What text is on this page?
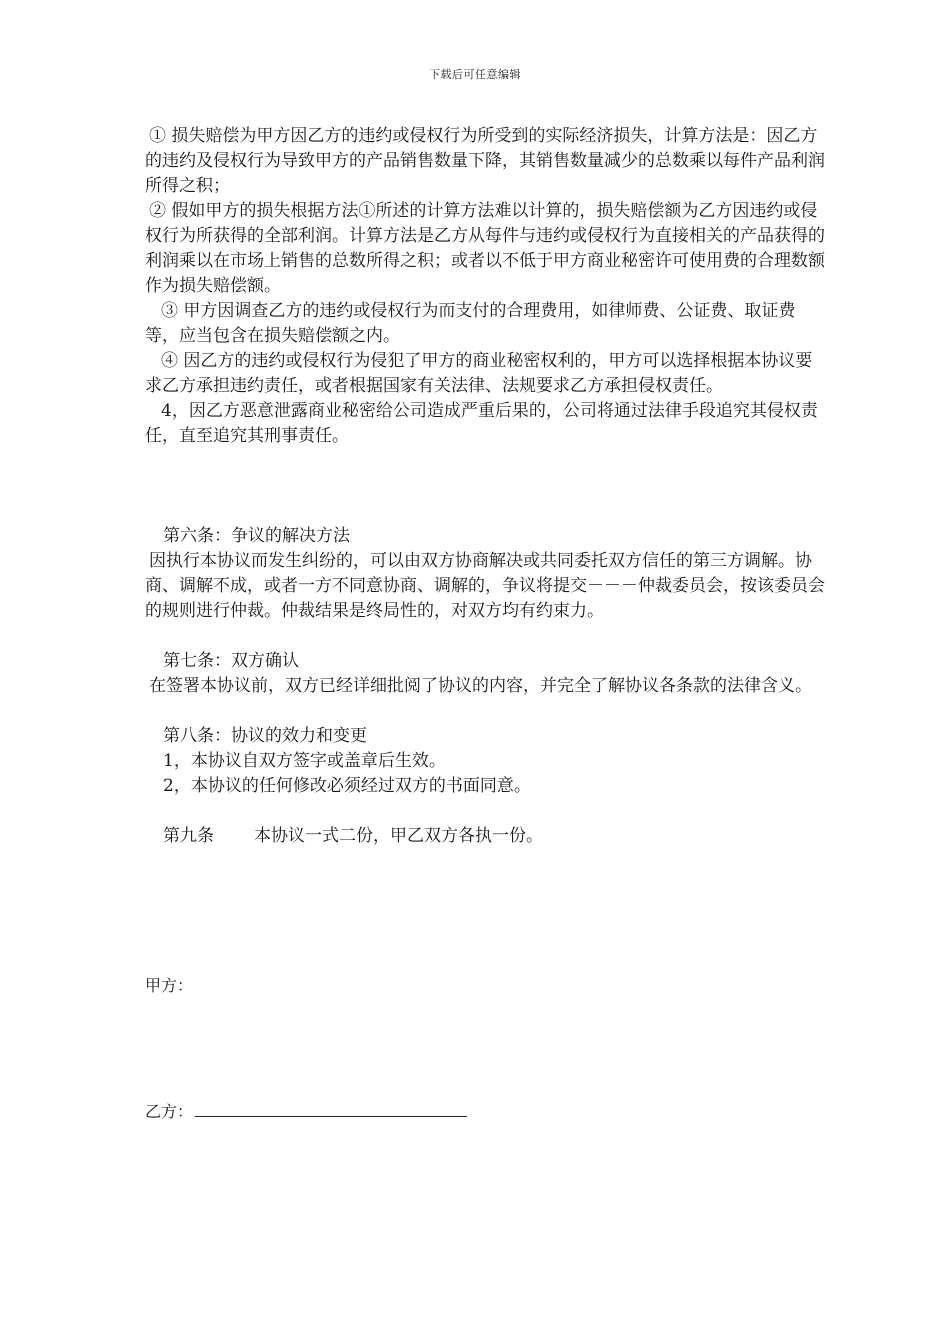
下载后可任意编辑

① 损失赔偿为甲方因乙方的违约或侵权行为所受到的实际经济损失，计算方法是：因乙方的违约及侵权行为导致甲方的产品销售数量下降，其销售数量减少的总数乘以每件产品利润所得之积；

② 假如甲方的损失根据方法①所述的计算方法难以计算的，损失赔偿额为乙方因违约或侵权行为所获得的全部利润。计算方法是乙方从每件与违约或侵权行为直接相关的产品获得的利润乘以在市场上销售的总数所得之积；或者以不低于甲方商业秘密许可使用费的合理数额作为损失赔偿额。

③ 甲方因调查乙方的违约或侵权行为而支付的合理费用，如律师费、公证费、取证费等，应当包含在损失赔偿额之内。

④ 因乙方的违约或侵权行为侵犯了甲方的商业秘密权利的，甲方可以选择根据本协议要求乙方承担违约责任，或者根据国家有关法律、法规要求乙方承担侵权责任。

4，因乙方恶意泄露商业秘密给公司造成严重后果的，公司将通过法律手段追究其侵权责任，直至追究其刑事责任。

第六条：争议的解决方法

因执行本协议而发生纠纷的，可以由双方协商解决或共同委托双方信任的第三方调解。协商、调解不成，或者一方不同意协商、调解的，争议将提交－－－仲裁委员会，按该委员会的规则进行仲裁。仲裁结果是终局性的，对双方均有约束力。

第七条：双方确认

在签署本协议前，双方已经详细批阅了协议的内容，并完全了解协议各条款的法律含义。

第八条：协议的效力和变更

1，本协议自双方签字或盖章后生效。

2，本协议的任何修改必须经过双方的书面同意。

第九条 本协议一式二份，甲乙双方各执一份。

甲方：
乙方：
